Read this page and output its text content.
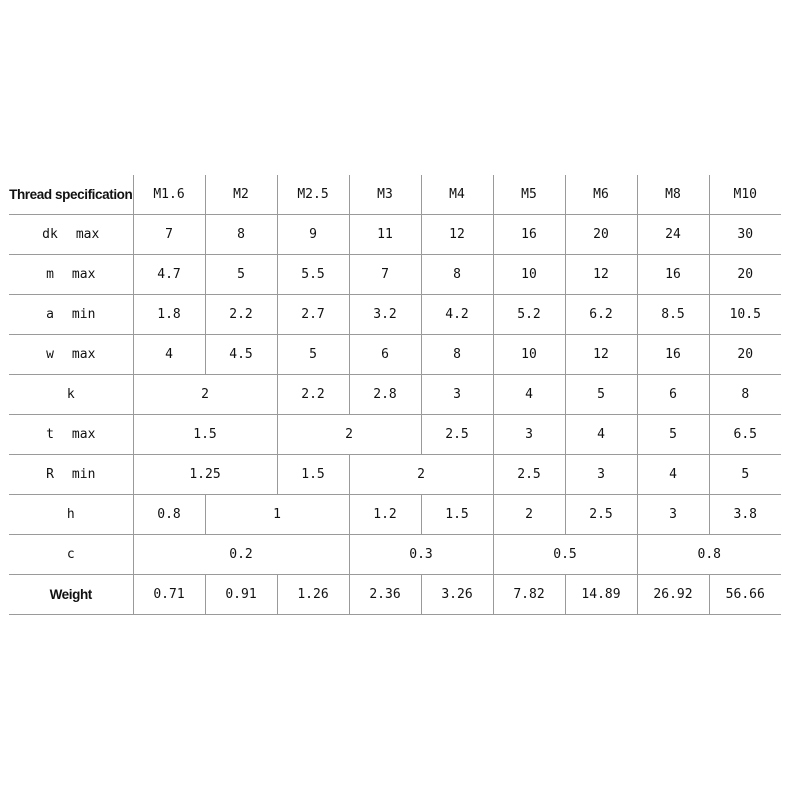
Thread specification	M1.6	M2	M2.5	M3	M4	M5	M6	M8	M10
dk max	7	8	9	11	12	16	20	24	30
m max	4.7	5	5.5	7	8	10	12	16	20
a min	1.8	2.2	2.7	3.2	4.2	5.2	6.2	8.5	10.5
w max	4	4.5	5	6	8	10	12	16	20
k	2		2.2	2.8	3	4	5	6	8
t max	1.5		2		2.5	3	4	5	6.5
R min	1.25		1.5	2		2.5	3	4	5
h	0.8	1		1.2	1.5	2	2.5	3	3.8
c	0.2			0.3		0.5		0.8	
Weight	0.71	0.91	1.26	2.36	3.26	7.82	14.89	26.92	56.66
